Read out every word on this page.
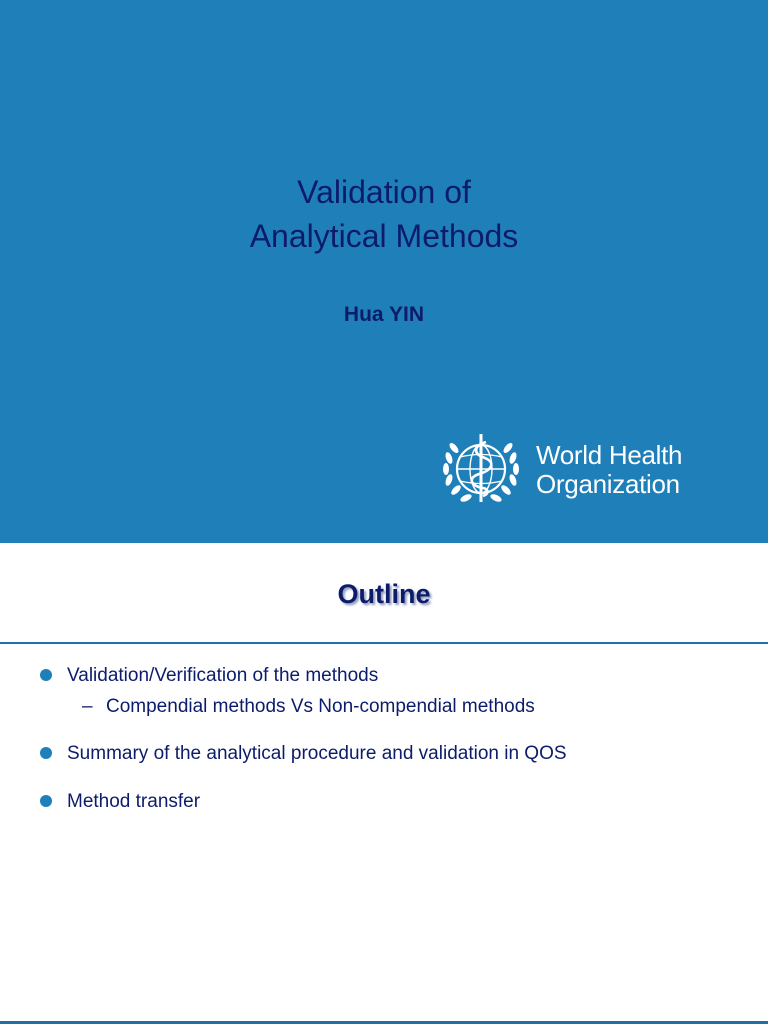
Validation of
Analytical Methods
Hua YIN
World Health
Organization
Outline
Validation/Verification of the methods
– Compendial methods Vs Non-compendial methods
Summary of the analytical procedure and validation in QOS
Method transfer
